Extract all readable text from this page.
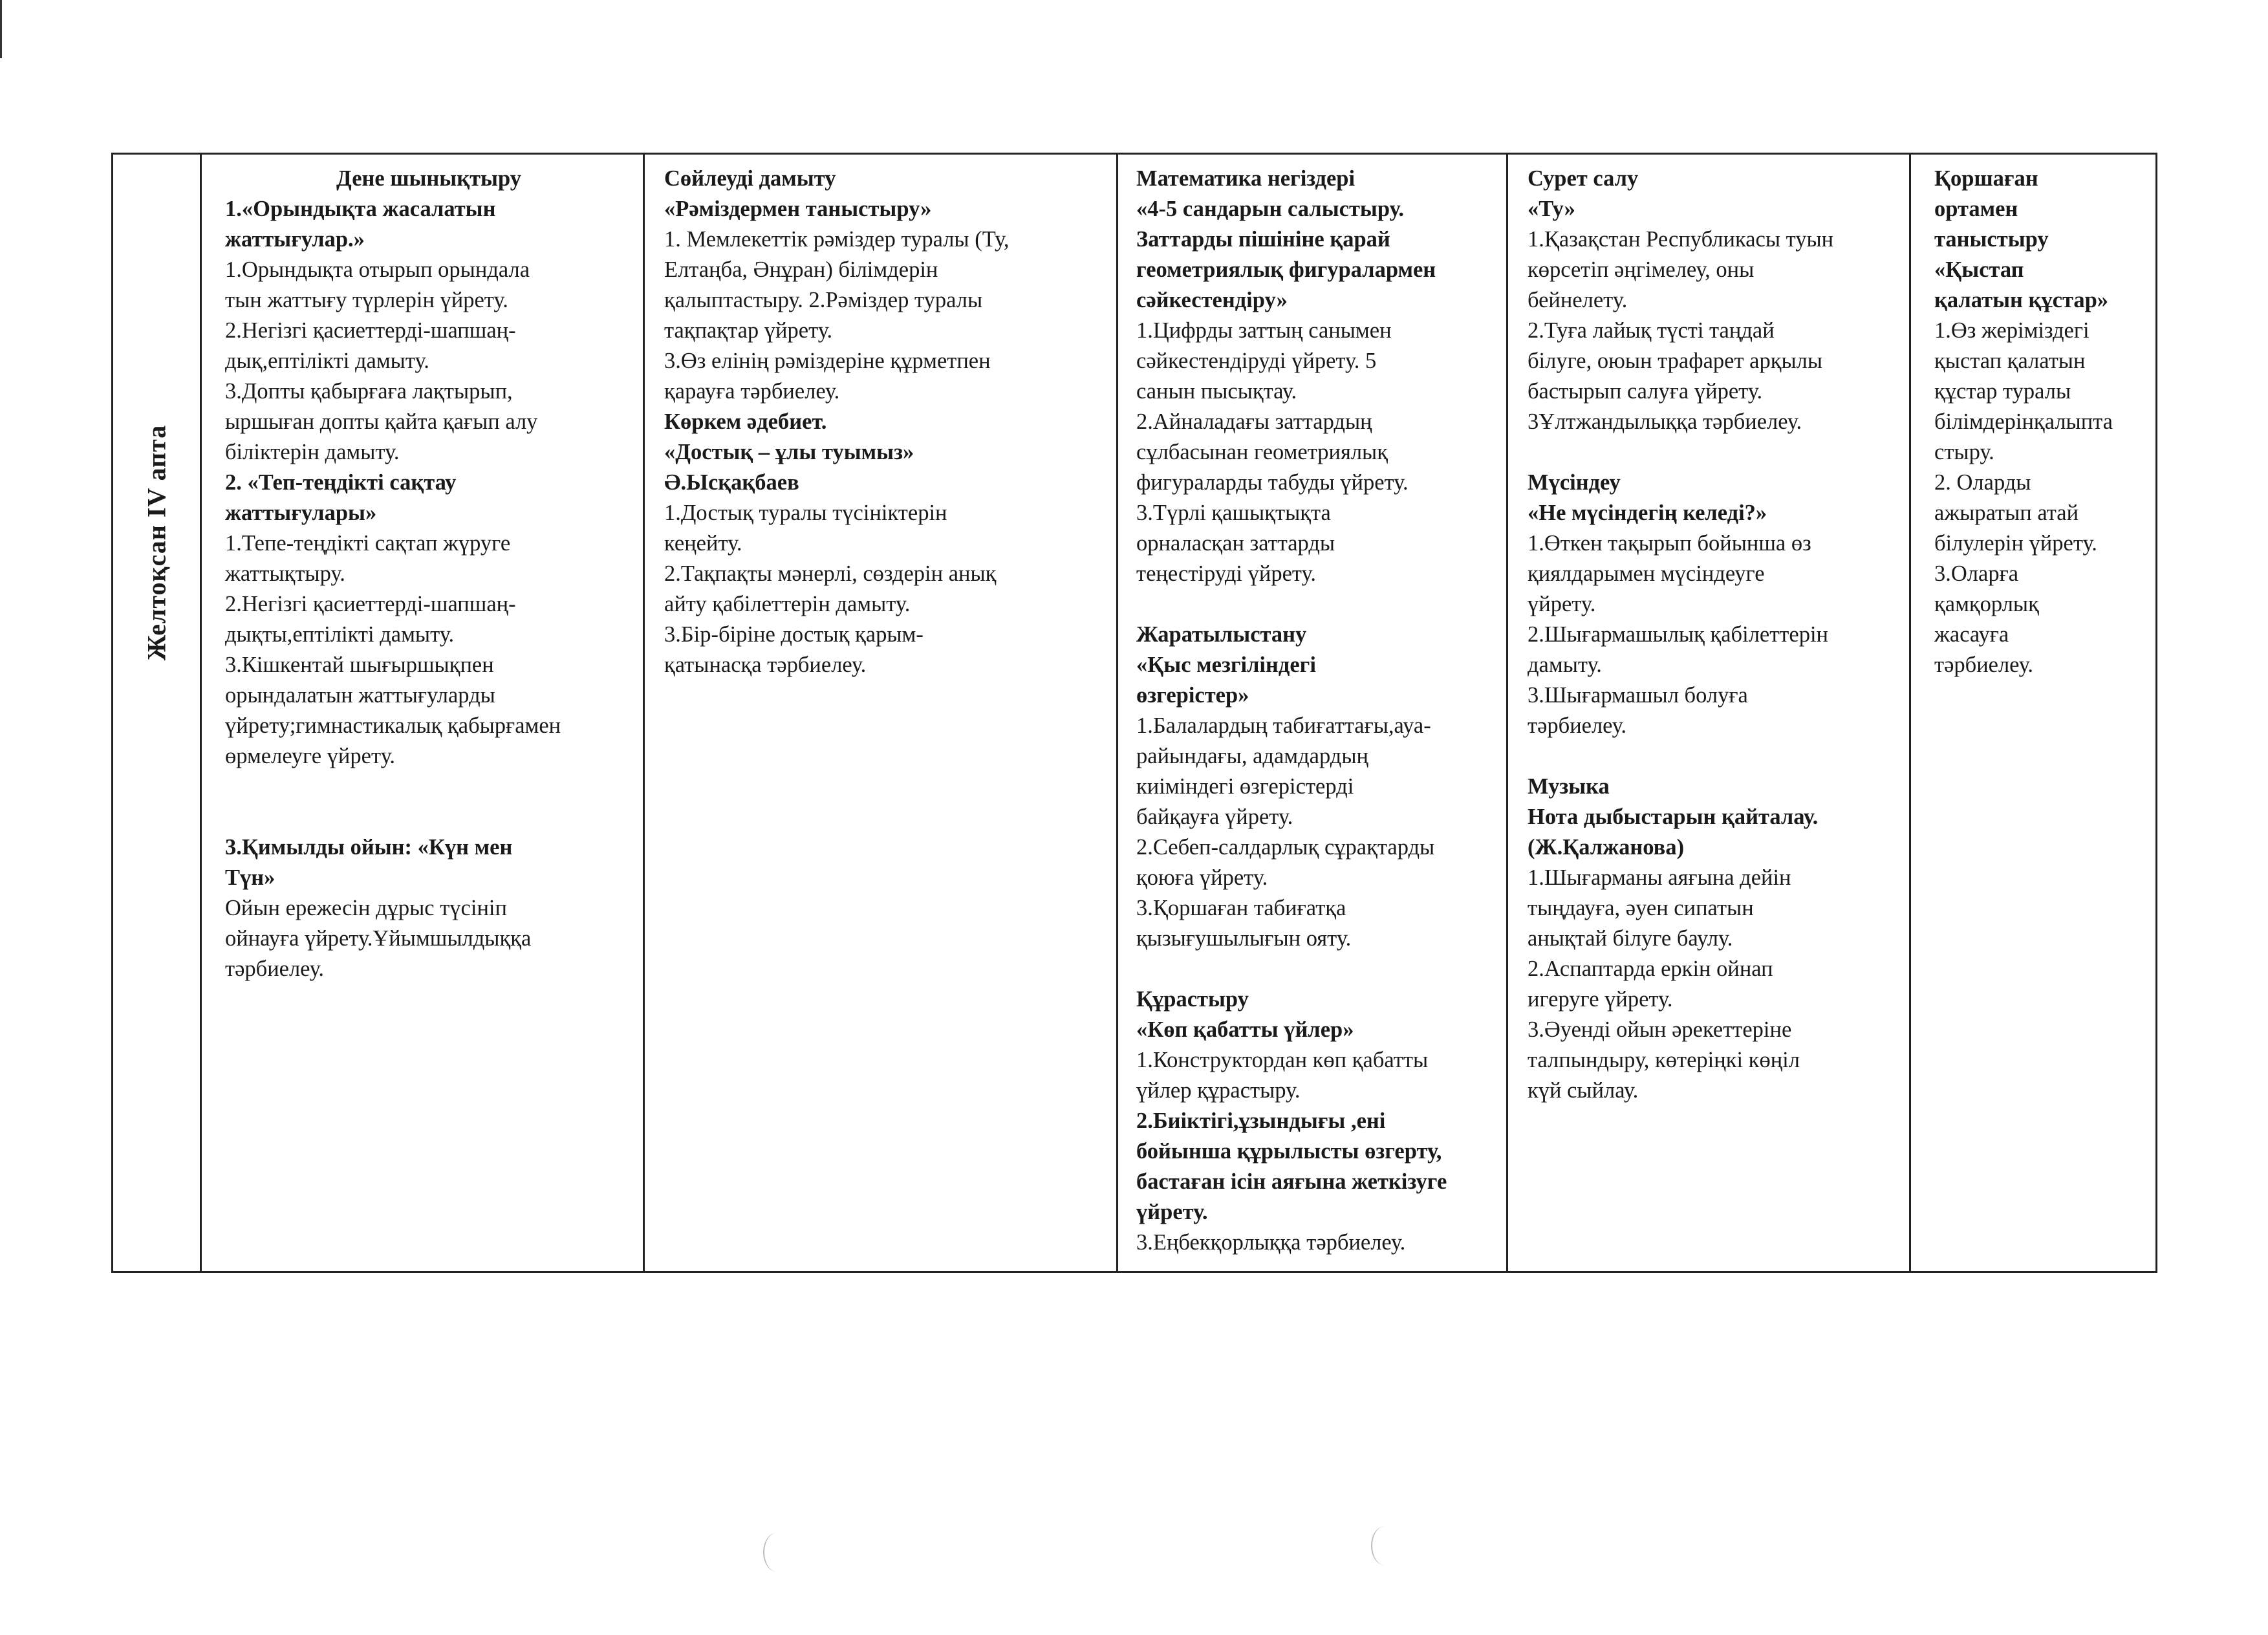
Желтоқсан IV апта
Дене шынықтыру
1.«Орындықта жасалатын
жаттығулар.»
1.Орындықта отырып орындала
тын жаттығу түрлерін үйрету.
2.Негізгі қасиеттерді-шапшаң-
дық,ептілікті дамыту.
3.Допты қабырғаға лақтырып,
ыршыған допты қайта қағып алу
біліктерін дамыту.
2. «Теп-теңдікті сақтау
жаттығулары»
1.Тепе-теңдікті сақтап жүруге
жаттықтыру.
2.Негізгі қасиеттерді-шапшаң-
дықты,ептілікті дамыту.
3.Кішкентай шығыршықпен
орындалатын жаттығуларды
үйрету;гимнастикалық қабырғамен
өрмелеуге үйрету.
3.Қимылды ойын: «Күн мен
Түн»
Ойын ережесін дұрыс түсініп
ойнауға үйрету.Ұйымшылдыққа
тәрбиелеу.
Сөйлеуді дамыту
«Рәміздермен таныстыру»
1. Мемлекеттік рәміздер туралы (Ту,
Елтаңба, Әнұран) білімдерін
қалыптастыру. 2.Рәміздер туралы
тақпақтар үйрету.
3.Өз елінің рәміздеріне құрметпен
қарауға тәрбиелеу.
Көркем әдебиет.
«Достық – ұлы туымыз»
Ә.Ысқақбаев
1.Достық туралы түсініктерін
кеңейту.
2.Тақпақты мәнерлі, сөздерін анық
айту қабілеттерін дамыту.
3.Бір-біріне достық қарым-
қатынасқа тәрбиелеу.
Математика негіздері
«4-5 сандарын салыстыру.
Заттарды пішініне қарай
геометриялық фигуралармен
сәйкестендіру»
1.Цифрды заттың санымен
сәйкестендіруді үйрету. 5
санын пысықтау.
2.Айналадағы заттардың
сұлбасынан геометриялық
фигураларды табуды үйрету.
3.Түрлі қашықтықта
орналасқан заттарды
теңестіруді үйрету.
Жаратылыстану
«Қыс мезгіліндегі
өзгерістер»
1.Балалардың табиғаттағы,ауа-
райындағы, адамдардың
киіміндегі өзгерістерді
байқауға үйрету.
2.Себеп-салдарлық сұрақтарды
қоюға үйрету.
3.Қоршаған табиғатқа
қызығушылығын ояту.
Құрастыру
«Көп қабатты үйлер»
1.Конструктордан көп қабатты
үйлер құрастыру.
2.Биіктігі,ұзындығы ,ені
бойынша құрылысты өзгерту,
бастаған ісін аяғына жеткізуге
үйрету.
3.Еңбекқорлыққа тәрбиелеу.
Сурет салу
«Ту»
1.Қазақстан Республикасы туын
көрсетіп әңгімелеу, оны
бейнелету.
2.Туға лайық түсті таңдай
білуге, оюын трафарет арқылы
бастырып салуға үйрету.
3Ұлтжандылыққа тәрбиелеу.
Мүсіндеу
«Не мүсіндегің келеді?»
1.Өткен тақырып бойынша өз
қиялдарымен мүсіндеуге
үйрету.
2.Шығармашылық қабілеттерін
дамыту.
3.Шығармашыл болуға
тәрбиелеу.
Музыка
Нота дыбыстарын қайталау.
(Ж.Қалжанова)
1.Шығарманы аяғына дейін
тыңдауға, әуен сипатын
анықтай білуге баулу.
2.Аспаптарда еркін ойнап
игеруге үйрету.
3.Әуенді ойын әрекеттеріне
талпындыру, көтеріңкі көңіл
күй сыйлау.
Қоршаған
ортамен
таныстыру
«Қыстап
қалатын құстар»
1.Өз жеріміздегі
қыстап қалатын
құстар туралы
білімдерінқалыпта
стыру.
2. Оларды
ажыратып атай
білулерін үйрету.
3.Оларға
қамқорлық
жасауға
тәрбиелеу.
